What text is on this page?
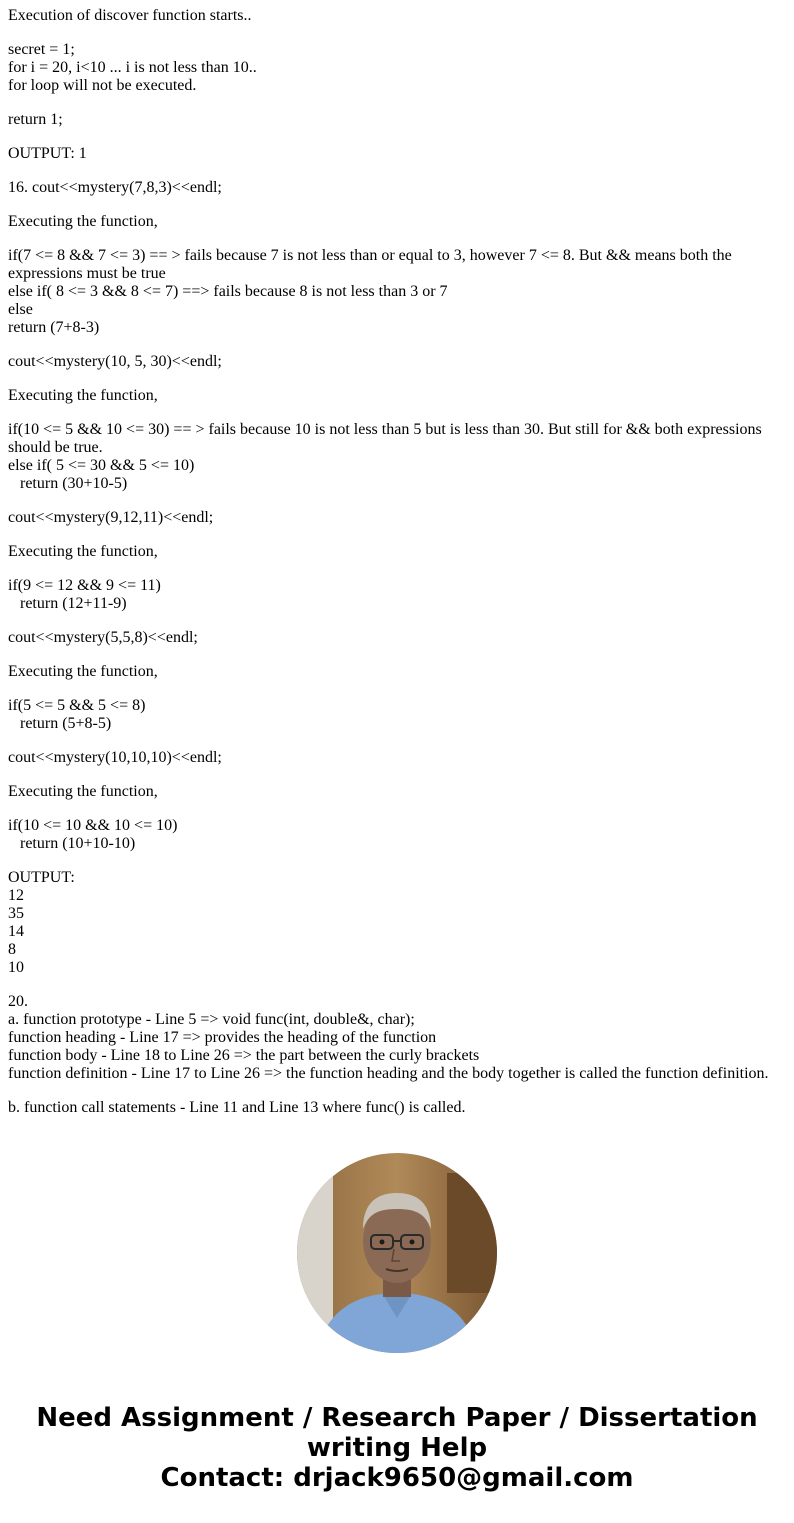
Execution of discover function starts..
secret = 1;
for i = 20, i<10 ... i is not less than 10..
for loop will not be executed.
return 1;
OUTPUT: 1
16. cout<<mystery(7,8,3)<<endl;
Executing the function,
if(7 <= 8 && 7 <= 3) == > fails because 7 is not less than or equal to 3, however 7 <= 8. But && means both the expressions must be true
else if( 8 <= 3 && 8 <= 7) ==> fails because 8 is not less than 3 or 7
else
return (7+8-3)
cout<<mystery(10, 5, 30)<<endl;
Executing the function,
if(10 <= 5 && 10 <= 30) == > fails because 10 is not less than 5 but is less than 30. But still for && both expressions should be true.
else if( 5 <= 30 && 5 <= 10)
return (30+10-5)
cout<<mystery(9,12,11)<<endl;
Executing the function,
if(9 <= 12 && 9 <= 11)
return (12+11-9)
cout<<mystery(5,5,8)<<endl;
Executing the function,
if(5 <= 5 && 5 <= 8)
return (5+8-5)
cout<<mystery(10,10,10)<<endl;
Executing the function,
if(10 <= 10 && 10 <= 10)
return (10+10-10)
OUTPUT:
12
35
14
8
10
20.
a. function prototype - Line 5 => void func(int, double&, char);
function heading - Line 17 => provides the heading of the function
function body - Line 18 to Line 26 => the part between the curly brackets
function definition - Line 17 to Line 26 => the function heading and the body together is called the function definition.
b. function call statements - Line 11 and Line 13 where func() is called.
Need Assignment / Research Paper / Dissertation
writing Help
Contact: drjack9650@gmail.com
